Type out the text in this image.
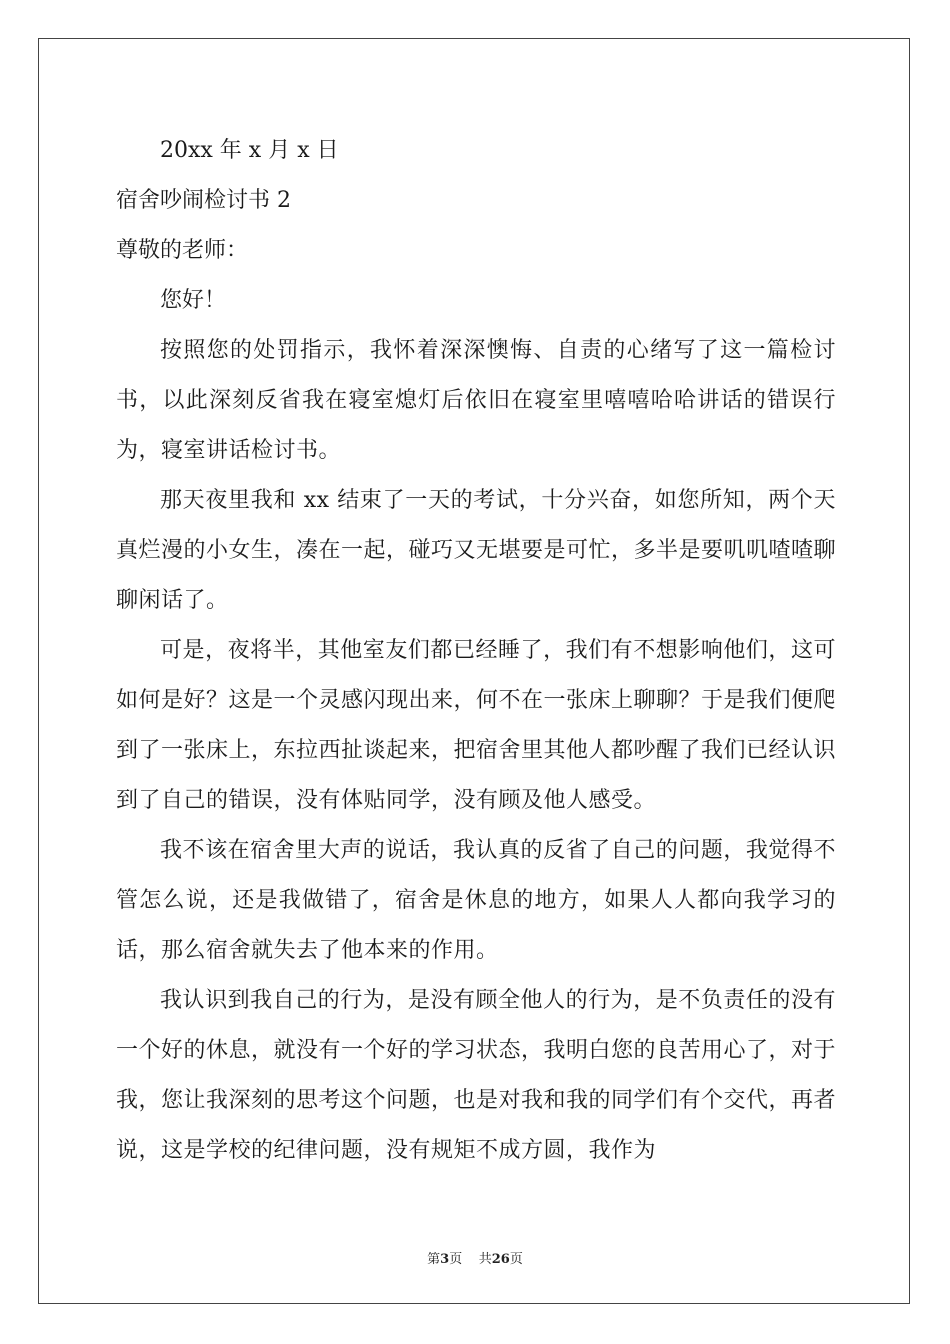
20xx 年 x 月 x 日

宿舍吵闹检讨书 2

尊敬的老师：

您好！

按照您的处罚指示，我怀着深深懊悔、自责的心绪写了这一篇检讨书，以此深刻反省我在寝室熄灯后依旧在寝室里嘻嘻哈哈讲话的错误行为，寝室讲话检讨书。

那天夜里我和 xx 结束了一天的考试，十分兴奋，如您所知，两个天真烂漫的小女生，凑在一起，碰巧又无堪要是可忙，多半是要叽叽喳喳聊聊闲话了。

可是，夜将半，其他室友们都已经睡了，我们有不想影响他们，这可如何是好？这是一个灵感闪现出来，何不在一张床上聊聊？于是我们便爬到了一张床上，东拉西扯谈起来，把宿舍里其他人都吵醒了我们已经认识到了自己的错误，没有体贴同学，没有顾及他人感受。

我不该在宿舍里大声的说话，我认真的反省了自己的问题，我觉得不管怎么说，还是我做错了，宿舍是休息的地方，如果人人都向我学习的话，那么宿舍就失去了他本来的作用。

我认识到我自己的行为，是没有顾全他人的行为，是不负责任的没有一个好的休息，就没有一个好的学习状态，我明白您的良苦用心了，对于我，您让我深刻的思考这个问题，也是对我和我的同学们有个交代，再者说，这是学校的纪律问题，没有规矩不成方圆，我作为

第3页 共26页
